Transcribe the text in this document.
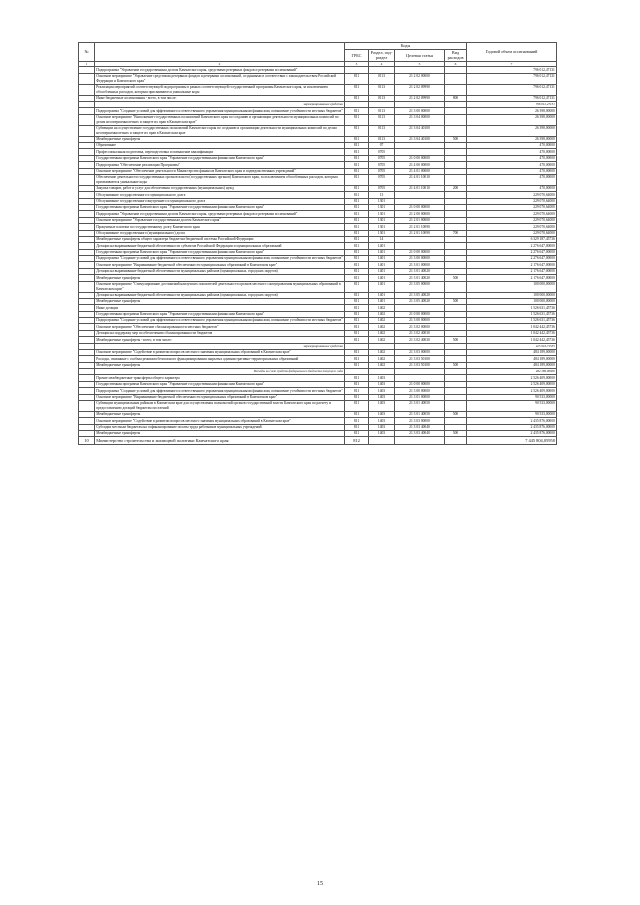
№		Коды				Годовой объем ассигнований
		ГРБС	Раздел, под-раздел	Целевая статья	Вид расходов	
1	2	3	4	5	6	7
	Подпрограмма "Управление государственным долгом Камчатского края, средствами резервных фондов и резервами ассигнований"					796 012,47131
	Основное мероприятие "Управление средствами резервных фондов и резервами ассигнований, созданными в соответствии с законодательством Российской Федерации и Камчатского края"	811	0113	21 2 02 00000		796 012,47131
	Реализация мероприятий соответствующей подпрограммы в рамках соответствующей государственной программы Камчатского края, за исключением обособленных расходов, которым присваиваются уникальные коды	811	0113	21 2 02 09990		796 012,47131
	Иные бюджетные ассигнования - всего, в том числе:	811	0113	21 2 02 09990	800	796 012,47131
	зарезервированные средства					796 012,47131
	Подпрограмма "Создание условий для эффективного и ответственного управления муниципальными финансами, повышение устойчивости местных бюджетов"	811	0113	21 3 00 00000		26 398,00000
	Основное мероприятие "Выполнение государственных полномочий Камчатского края по созданию и организации деятельности муниципальных комиссий по делам несовершеннолетних и защите их прав в Камчатском крае"	811	0113	21 3 04 00000		26 398,00000
	Субвенции на осуществление государственных полномочий Камчатского края по созданию и организации деятельности муниципальных комиссий по делам несовершеннолетних и защите их прав в Камчатском крае	811	0113	21 3 04 40100		26 398,00000
	Межбюджетные трансферты	811	0113	21 3 04 40100	500	26 398,00000
	Образование	811	07			470,00000
	Профессиональная подготовка, переподготовка и повышение квалификации	811	0705			470,00000
	Государственная программа Камчатского края "Управление государственными финансами Камчатского края"	811	0705	21 0 00 00000		470,00000
	Подпрограмма "Обеспечение реализации Программы"	811	0705	21 4 00 00000		470,00000
	Основное мероприятие "Обеспечение деятельности Министерства финансов Камчатского края и подведомственных учреждений"	811	0705	21 4 01 00000		470,00000
	Обеспечение деятельности государственных органов власти (государственных органов) Камчатского края, за исключением обособленных расходов, которым присваиваются уникальные коды	811	0705	21 4 01 10010		470,00000
	Закупка товаров, работ и услуг для обеспечения государственных (муниципальных) нужд	811	0705	21 4 01 10010	200	470,00000
	Обслуживание государственного и муниципального долга	811	13			229 070,64000
	Обслуживание государственного внутреннего и муниципального долга	811	1301			229 070,64000
	Государственная программа Камчатского края "Управление государственными финансами Камчатского края"	811	1301	21 0 00 00000		229 070,64000
	Подпрограмма "Управление государственным долгом Камчатского края, средствами резервных фондов и резервами ассигнований"	811	1301	21 2 00 00000		229 070,64000
	Основное мероприятие "Управление государственным долгом Камчатского края"	811	1301	21 2 01 00000		229 070,64000
	Процентные платежи по государственному долгу Камчатского края	811	1301	21 2 01 10090		229 070,64000
	Обслуживание государственного (муниципального) долга	811	1301	21 2 01 10090	700	229 070,64000
	Межбюджетные трансферты общего характера бюджетам бюджетной системы Российской Федерации	811	14			6 329 187,45736
	Дотации на выравнивание бюджетной обеспеченности субъектов Российской Федерации и муниципальных образований	811	1401			2 276 647,00000
	Государственная программа Камчатского края "Управление государственными финансами Камчатского края"	811	1401	21 0 00 00000		2 276 647,00000
	Подпрограмма "Создание условий для эффективного и ответственного управления муниципальными финансами, повышение устойчивости местных бюджетов"	811	1401	21 3 00 00000		2 276 647,00000
	Основное мероприятие "Выравнивание бюджетной обеспеченности муниципальных образований в Камчатском крае"	811	1401	21 3 01 00000		2 176 647,00000
	Дотации на выравнивание бюджетной обеспеченности муниципальных районов (муниципальных, городских округов)	811	1401	21 3 01 40020		2 176 647,00000
	Межбюджетные трансферты	811	1401	21 3 01 40020	500	2 176 647,00000
	Основное мероприятие "Стимулирование достижений наилучших показателей деятельности органов местного самоуправления муниципальных образований в Камчатском крае"	811	1401	21 3 05 00000		100 000,00000
	Дотации на выравнивание бюджетной обеспеченности муниципальных районов (муниципальных, городских округов)	811	1401	21 3 05 40020		100 000,00000
	Межбюджетные трансферты	811	1401	21 3 05 40020	500	100 000,00000
	Иные дотации	811	1402			1 526 631,45736
	Государственная программа Камчатского края "Управление государственными финансами Камчатского края"	811	1402	21 0 00 00000		1 526 631,45736
	Подпрограмма "Создание условий для эффективного и ответственного управления муниципальными финансами, повышение устойчивости местных бюджетов"	811	1402	21 3 00 00000		1 526 631,45736
	Основное мероприятие "Обеспечение сбалансированности местных бюджетов"	811	1402	21 3 02 00000		1 042 442,45736
	Дотации на поддержку мер по обеспечению сбалансированности бюджетов	811	1402	21 3 02 40030		1 042 442,45736
	Межбюджетные трансферты - всего, в том числе:	811	1402	21 3 02 40030	500	1 042 442,45736
	зарезервированные средства					425 916,71535
	Основное мероприятие "Содействие в развитии вопросов местного значения муниципальных образований в Камчатском крае"	811	1402	21 3 03 00000		484 189,00000
	Расходы, связанные с особым режимом безопасного функционирования закрытых административно-территориальных образований	811	1402	21 3 03 50100		484 189,00000
	Межбюджетные трансферты	811	1402	21 3 03 50100	500	484 189,00000
	Расходы за счет средств федерального бюджета текущего года					484 189,00000
	Прочие межбюджетные трансферты общего характера	811	1403			2 526 409,00000
	Государственная программа Камчатского края "Управление государственными финансами Камчатского края"	811	1403	21 0 00 00000		2 526 409,00000
	Подпрограмма "Создание условий для эффективного и ответственного управления муниципальными финансами, повышение устойчивости местных бюджетов"	811	1403	21 3 00 00000		2 526 409,00000
	Основное мероприятие "Выравнивание бюджетной обеспеченности муниципальных образований в Камчатском крае"	811	1403	21 3 01 00000		90 533,00000
	Субвенции муниципальным районам в Камчатском крае для осуществления полномочий органов государственной власти Камчатского края по расчету и предоставлению дотаций бюджетам поселений	811	1403	21 3 01 40050		90 533,00000
	Межбюджетные трансферты	811	1403	21 3 01 40050	500	90 533,00000
	Основное мероприятие "Содействие в развитии вопросов местного значения муниципальных образований в Камчатском крае"	811	1403	21 3 03 00000		2 435 876,00000
	Субсидии местным бюджетам на софинансирование оплаты труда работников муниципальных учреждений	811	1403	21 3 03 40040		2 435 876,00000
	Межбюджетные трансферты	811	1403	21 3 03 40040	500	2 435 876,00000
10	Министерство строительства и жилищной политики Камчатского края	812				7 445 804,05958
15
